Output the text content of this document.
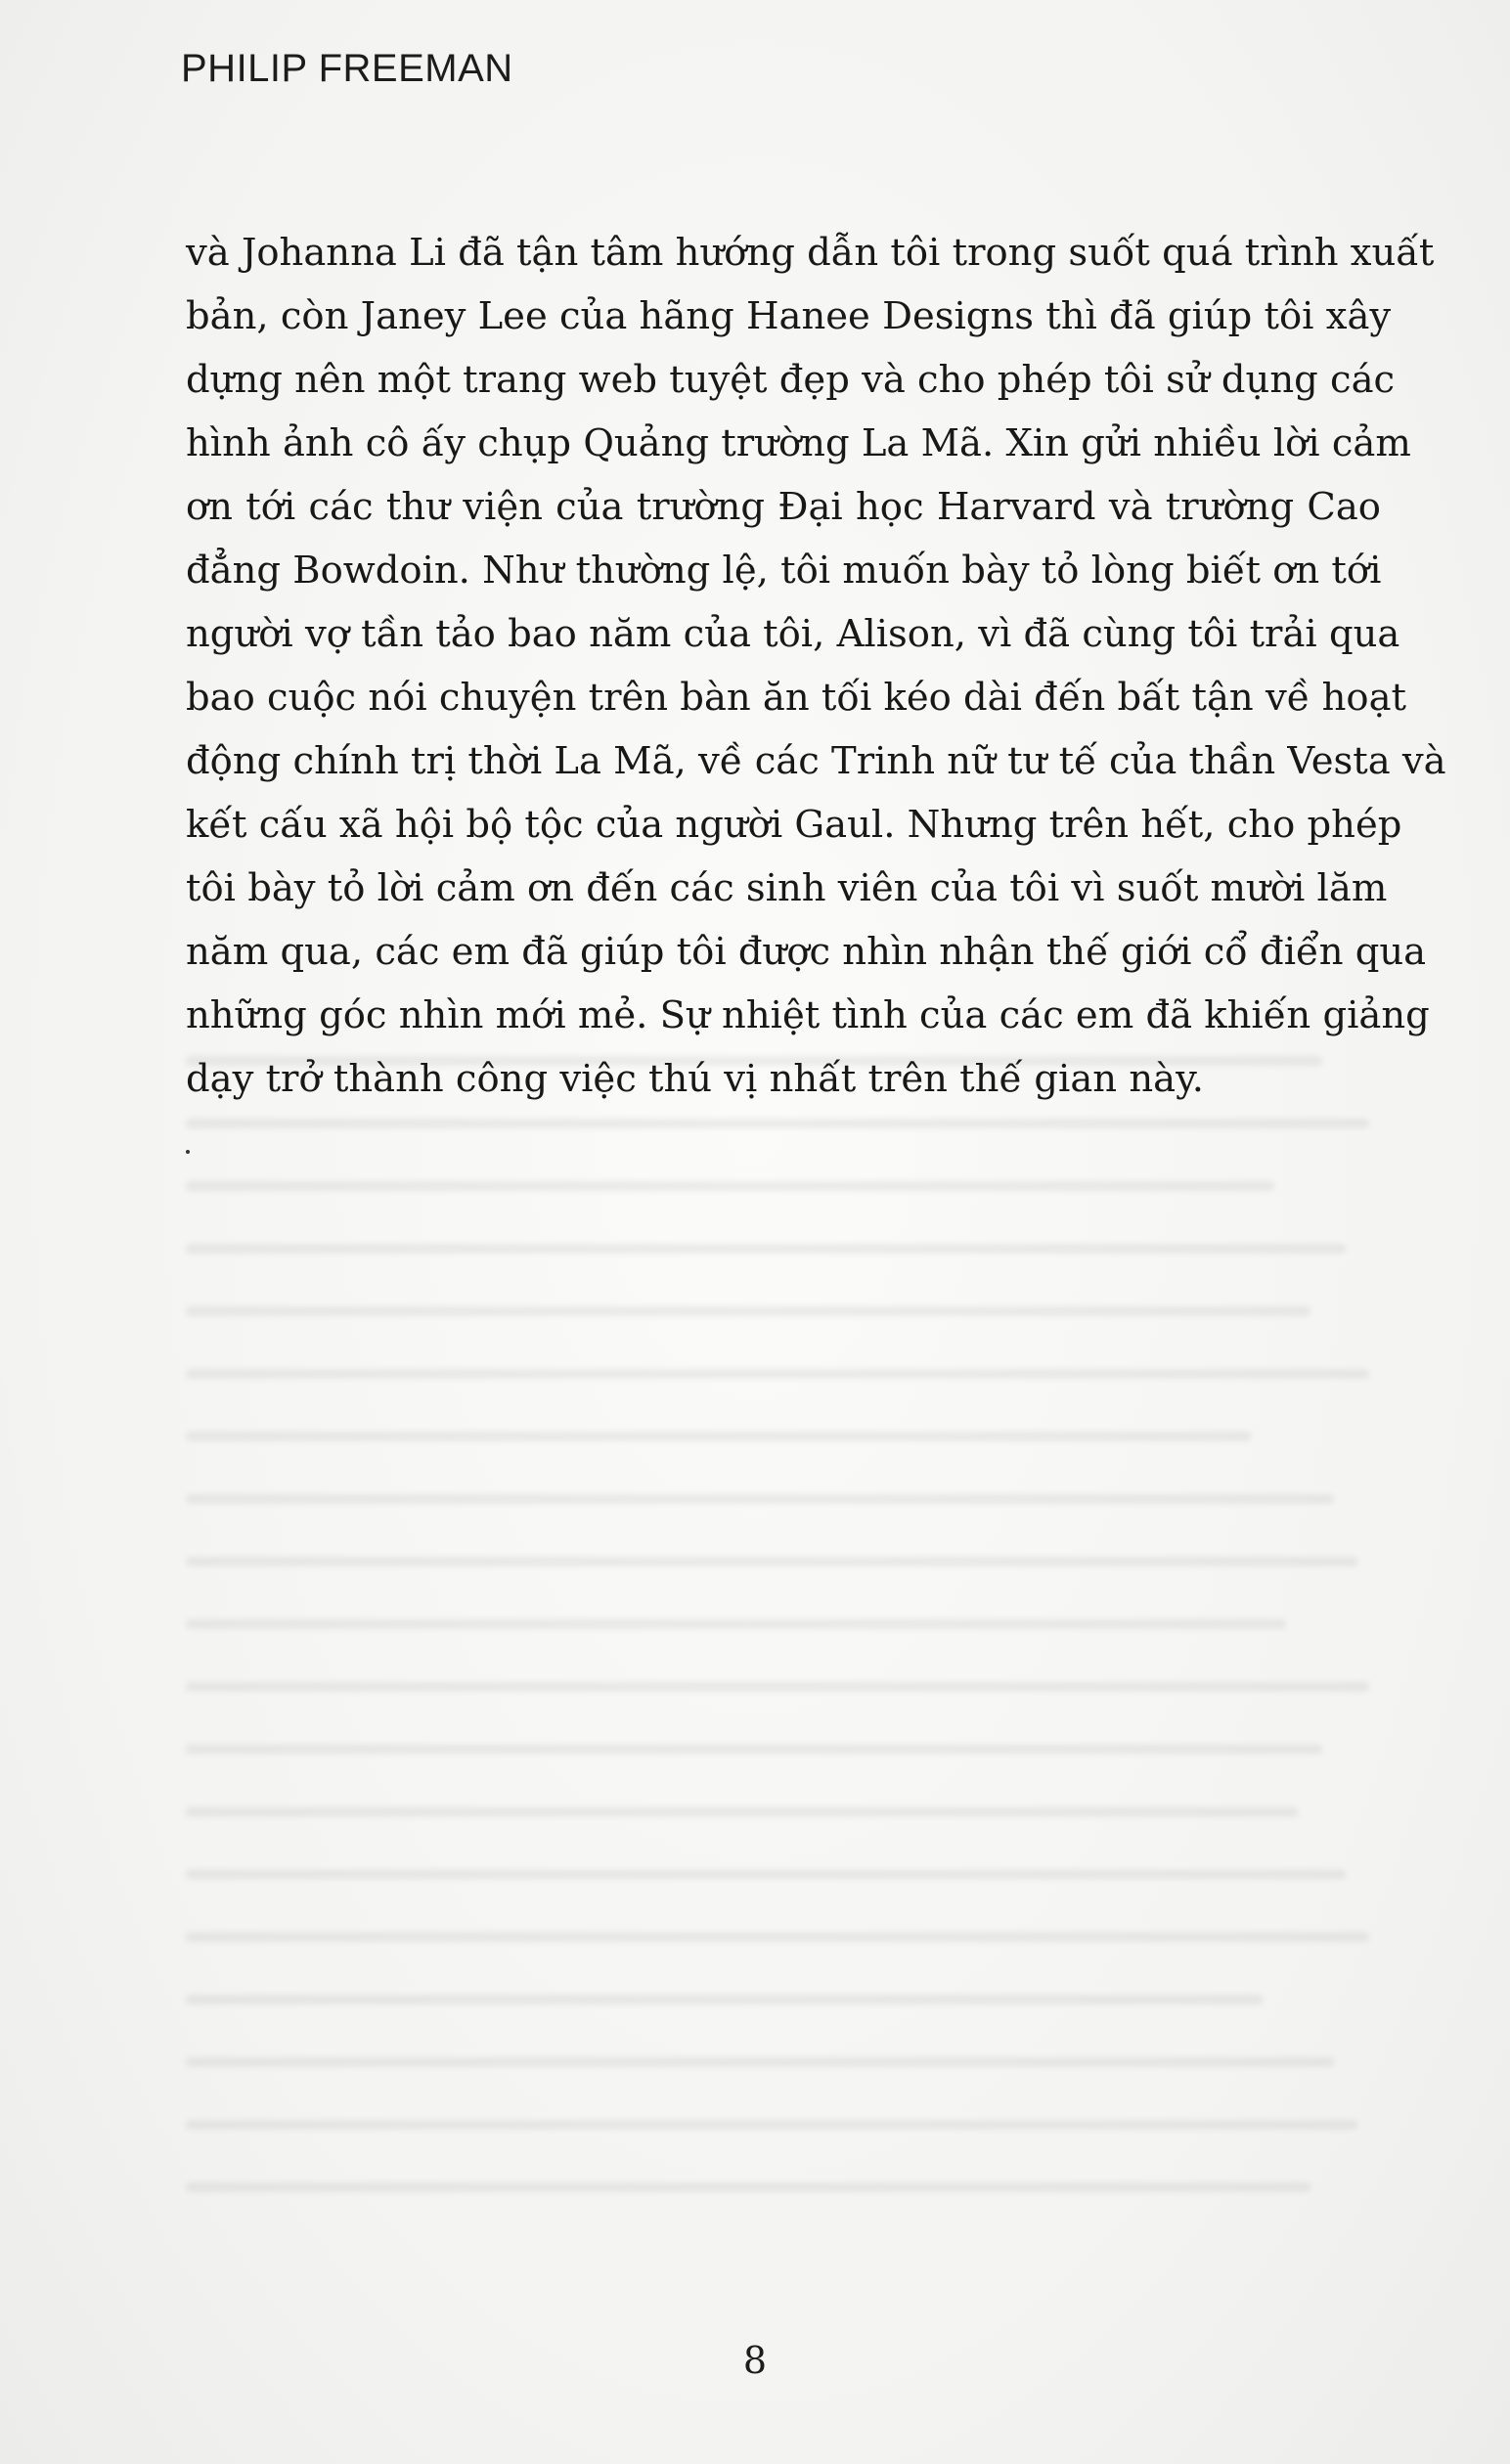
PHILIP FREEMAN

và Johanna Li đã tận tâm hướng dẫn tôi trong suốt quá trình xuất
bản, còn Janey Lee của hãng Hanee Designs thì đã giúp tôi xây
dựng nên một trang web tuyệt đẹp và cho phép tôi sử dụng các
hình ảnh cô ấy chụp Quảng trường La Mã. Xin gửi nhiều lời cảm
ơn tới các thư viện của trường Đại học Harvard và trường Cao
đẳng Bowdoin. Như thường lệ, tôi muốn bày tỏ lòng biết ơn tới
người vợ tần tảo bao năm của tôi, Alison, vì đã cùng tôi trải qua
bao cuộc nói chuyện trên bàn ăn tối kéo dài đến bất tận về hoạt
động chính trị thời La Mã, về các Trinh nữ tư tế của thần Vesta và
kết cấu xã hội bộ tộc của người Gaul. Nhưng trên hết, cho phép
tôi bày tỏ lời cảm ơn đến các sinh viên của tôi vì suốt mười lăm
năm qua, các em đã giúp tôi được nhìn nhận thế giới cổ điển qua
những góc nhìn mới mẻ. Sự nhiệt tình của các em đã khiến giảng
dạy trở thành công việc thú vị nhất trên thế gian này.

8
